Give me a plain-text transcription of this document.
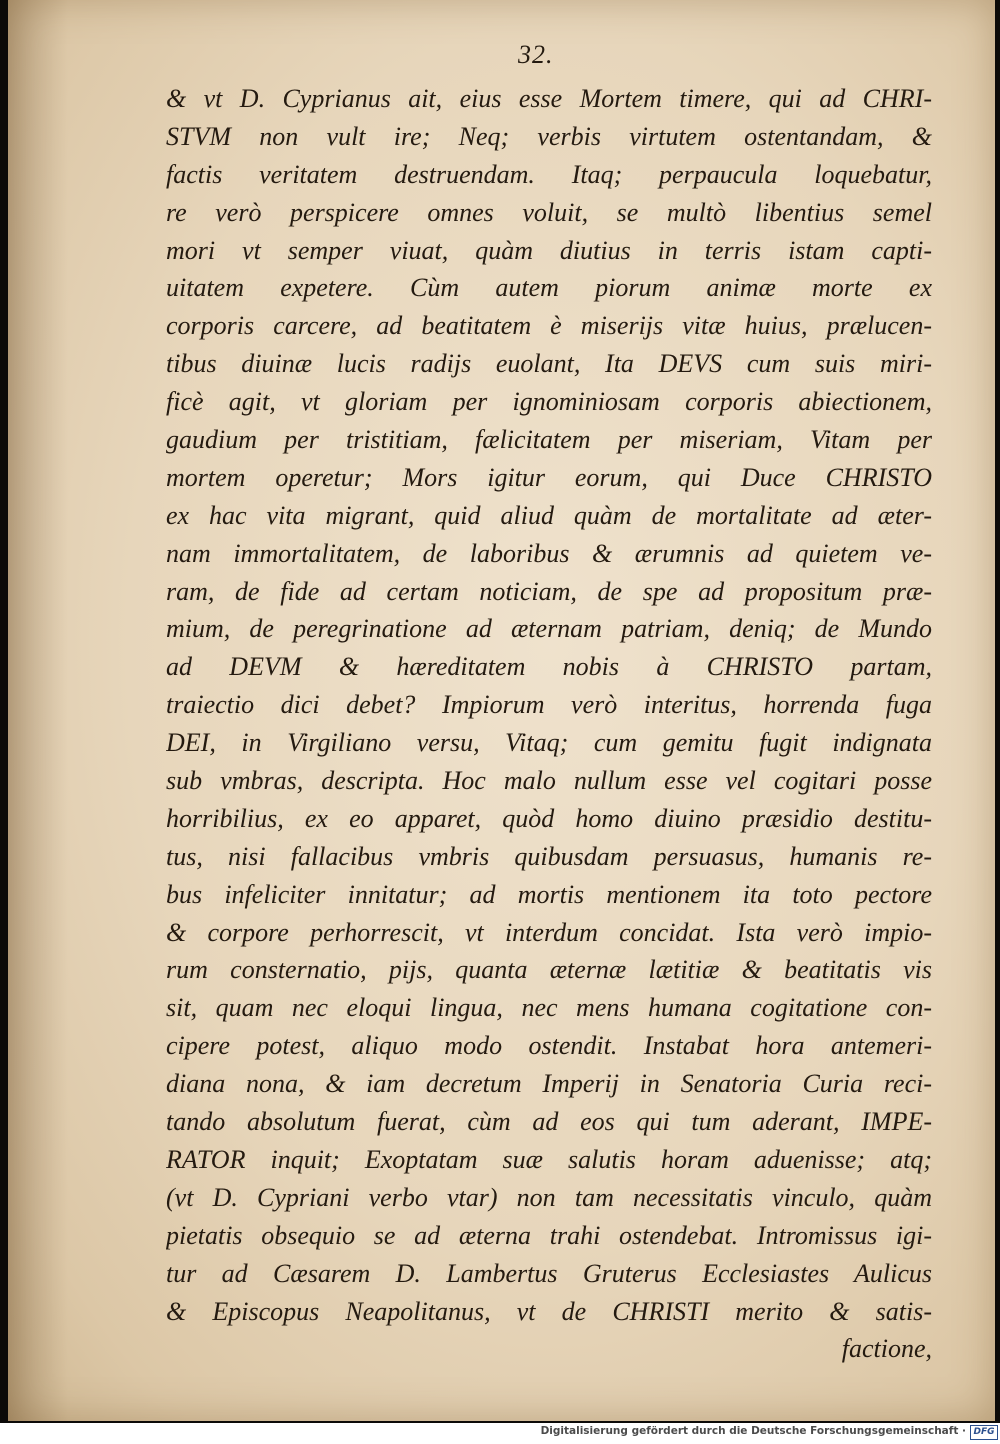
32.

& vt D. Cyprianus ait, eius esse Mortem timere, qui ad CHRI-
STVM non vult ire; Neq; verbis virtutem ostentandam, &
factis veritatem destruendam. Itaq; perpaucula loquebatur,
re verò perspicere omnes voluit, se multò libentius semel
mori vt semper viuat, quàm diutius in terris istam capti-
uitatem expetere. Cùm autem piorum animæ morte ex
corporis carcere, ad beatitatem è miserijs vitæ huius, prælucen-
tibus diuinæ lucis radijs euolant, Ita DEVS cum suis miri-
ficè agit, vt gloriam per ignominiosam corporis abiectionem,
gaudium per tristitiam, fælicitatem per miseriam, Vitam per
mortem operetur; Mors igitur eorum, qui Duce CHRISTO
ex hac vita migrant, quid aliud quàm de mortalitate ad æter-
nam immortalitatem, de laboribus & ærumnis ad quietem ve-
ram, de fide ad certam noticiam, de spe ad propositum præ-
mium, de peregrinatione ad æternam patriam, deniq; de Mundo
ad DEVM & hæreditatem nobis à CHRISTO partam,
traiectio dici debet? Impiorum verò interitus, horrenda fuga
DEI, in Virgiliano versu, Vitaq; cum gemitu fugit indignata
sub vmbras, descripta. Hoc malo nullum esse vel cogitari posse
horribilius, ex eo apparet, quòd homo diuino præsidio destitu-
tus, nisi fallacibus vmbris quibusdam persuasus, humanis re-
bus infeliciter innitatur; ad mortis mentionem ita toto pectore
& corpore perhorrescit, vt interdum concidat. Ista verò impio-
rum consternatio, pijs, quanta æternæ lætitiæ & beatitatis vis
sit, quam nec eloqui lingua, nec mens humana cogitatione con-
cipere potest, aliquo modo ostendit. Instabat hora antemeri-
diana nona, & iam decretum Imperij in Senatoria Curia reci-
tando absolutum fuerat, cùm ad eos qui tum aderant, IMPE-
RATOR inquit; Exoptatam suæ salutis horam aduenisse; atq;
(vt D. Cypriani verbo vtar) non tam necessitatis vinculo, quàm
pietatis obsequio se ad æterna trahi ostendebat. Intromissus igi-
tur ad Cæsarem D. Lambertus Gruterus Ecclesiastes Aulicus
& Episcopus Neapolitanus, vt de CHRISTI merito & satis-
factione,
Digitalisierung gefördert durch die Deutsche Forschungsgemeinschaft · DFG
